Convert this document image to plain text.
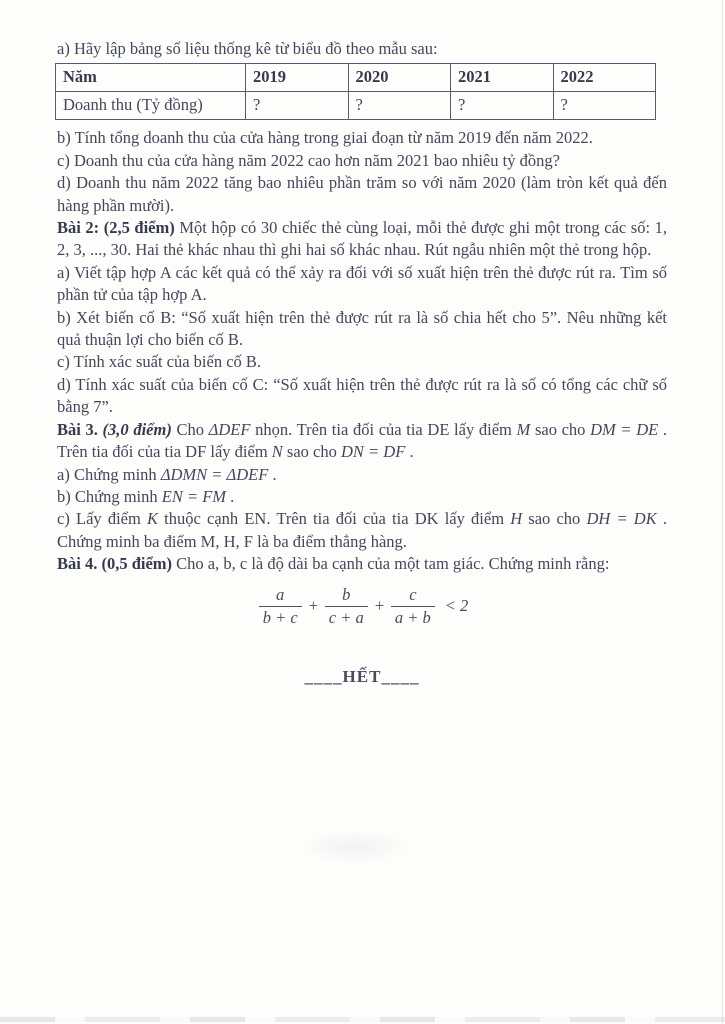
a) Hãy lập bảng số liệu thống kê từ biểu đồ theo mẫu sau:

Năm	2019	2020	2021	2022
Doanh thu (Tỷ đồng)	?	?	?	?

b) Tính tổng doanh thu của cửa hàng trong giai đoạn từ năm 2019 đến năm 2022.

c) Doanh thu của cửa hàng năm 2022 cao hơn năm 2021 bao nhiêu tỷ đồng?

d) Doanh thu năm 2022 tăng bao nhiêu phần trăm so với năm 2020 (làm tròn kết quả đến hàng phần mười).

Bài 2: (2,5 điểm) Một hộp có 30 chiếc thẻ cùng loại, mỗi thẻ được ghi một trong các số: 1, 2, 3, ..., 30. Hai thẻ khác nhau thì ghi hai số khác nhau. Rút ngẫu nhiên một thẻ trong hộp.

a) Viết tập hợp A các kết quả có thể xảy ra đối với số xuất hiện trên thẻ được rút ra. Tìm số phần tử của tập hợp A.

b) Xét biến cố B: “Số xuất hiện trên thẻ được rút ra là số chia hết cho 5”. Nêu những kết quả thuận lợi cho biến cố B.

c) Tính xác suất của biến cố B.

d) Tính xác suất của biến cố C: “Số xuất hiện trên thẻ được rút ra là số có tổng các chữ số bằng 7”.

Bài 3. (3,0 điểm) Cho ΔDEF nhọn. Trên tia đối của tia DE lấy điểm M sao cho DM = DE . Trên tia đối của tia DF lấy điểm N sao cho DN = DF .

a) Chứng minh ΔDMN = ΔDEF .

b) Chứng minh EN = FM .

c) Lấy điểm K thuộc cạnh EN. Trên tia đối của tia DK lấy điểm H sao cho DH = DK . Chứng minh ba điểm M, H, F là ba điểm thẳng hàng.

Bài 4. (0,5 điểm) Cho a, b, c là độ dài ba cạnh của một tam giác. Chứng minh rằng:

$\frac{a}{b + c} + \frac{b}{c + a} + \frac{c}{a + b} < 2$
____HẾT____
